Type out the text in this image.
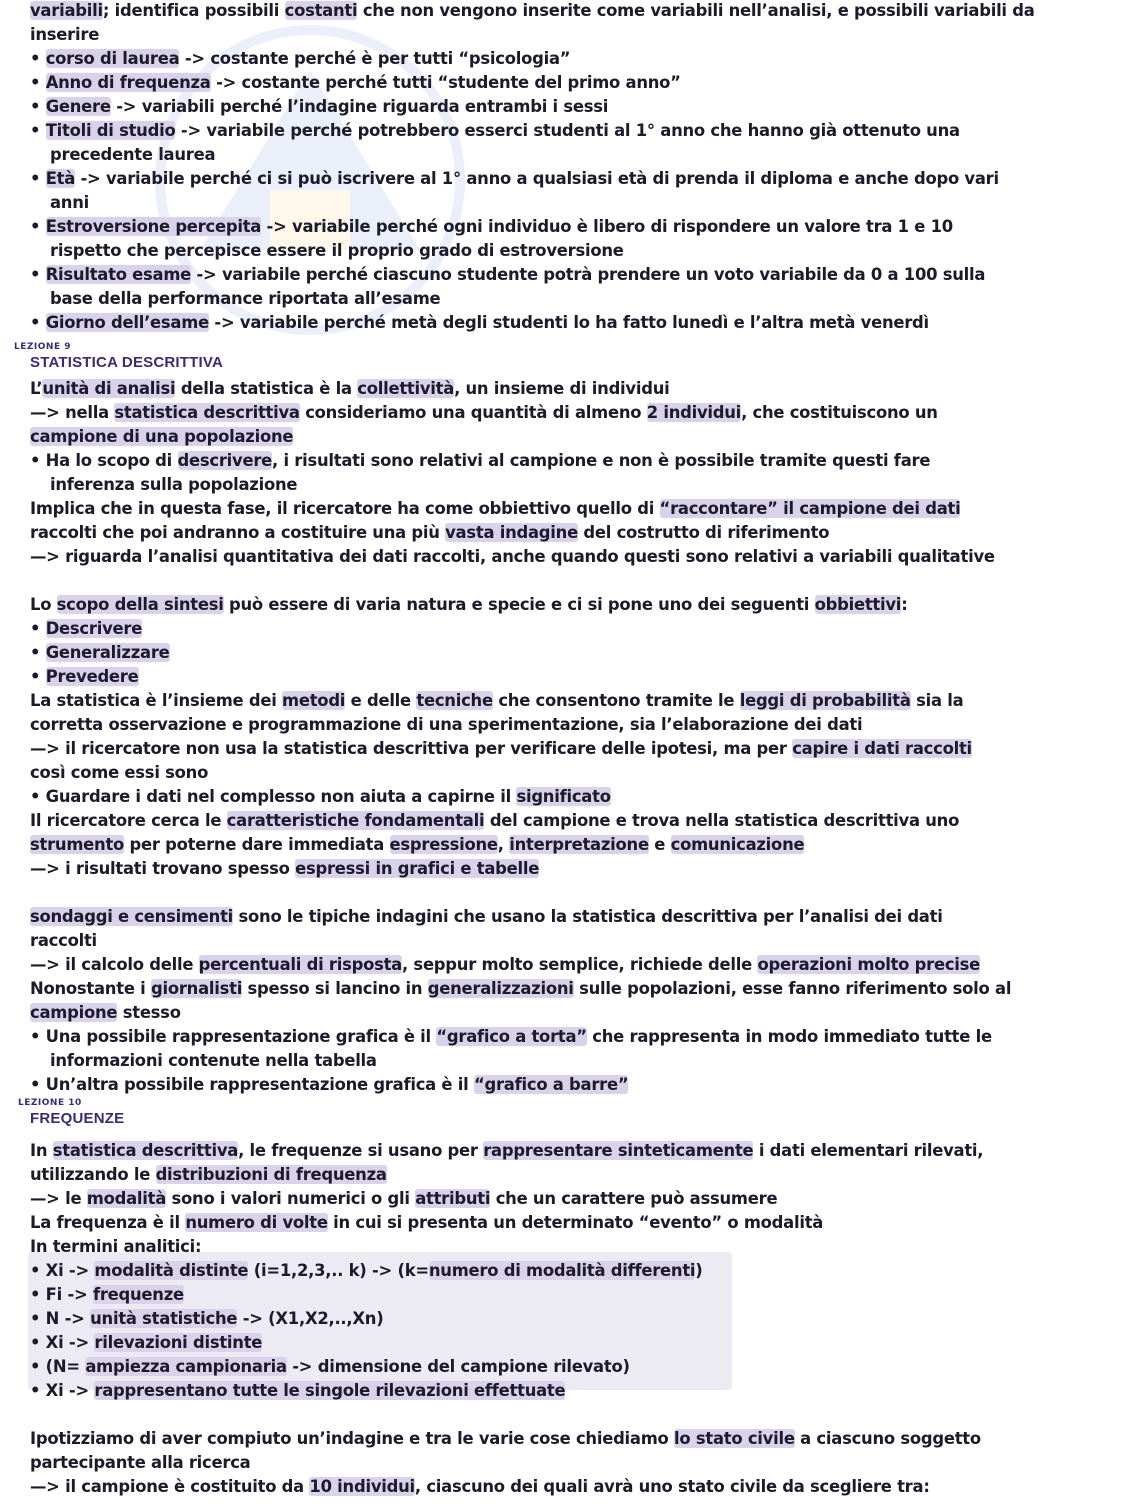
LEZIONE 9
STATISTICA DESCRITTIVA
LEZIONE 10
FREQUENZE
variabili; identifica possibili costanti che non vengono inserite come variabili nell’analisi, e possibili variabili da
inserire
• corso di laurea -> costante perché è per tutti “psicologia”
• Anno di frequenza -> costante perché tutti “studente del primo anno”
• Genere -> variabili perché l’indagine riguarda entrambi i sessi
• Titoli di studio -> variabile perché potrebbero esserci studenti al 1° anno che hanno già ottenuto una
precedente laurea
• Età -> variabile perché ci si può iscrivere al 1° anno a qualsiasi età di prenda il diploma e anche dopo vari
anni
• Estroversione percepita -> variabile perché ogni individuo è libero di rispondere un valore tra 1 e 10
rispetto che percepisce essere il proprio grado di estroversione
• Risultato esame -> variabile perché ciascuno studente potrà prendere un voto variabile da 0 a 100 sulla
base della performance riportata all’esame
• Giorno dell’esame -> variabile perché metà degli studenti lo ha fatto lunedì e l’altra metà venerdì
L’unità di analisi della statistica è la collettività, un insieme di individui
—> nella statistica descrittiva consideriamo una quantità di almeno 2 individui, che costituiscono un
campione di una popolazione
• Ha lo scopo di descrivere, i risultati sono relativi al campione e non è possibile tramite questi fare
inferenza sulla popolazione
Implica che in questa fase, il ricercatore ha come obbiettivo quello di “raccontare” il campione dei dati
raccolti che poi andranno a costituire una più vasta indagine del costrutto di riferimento
—> riguarda l’analisi quantitativa dei dati raccolti, anche quando questi sono relativi a variabili qualitative
Lo scopo della sintesi può essere di varia natura e specie e ci si pone uno dei seguenti obbiettivi:
• Descrivere
• Generalizzare
• Prevedere
La statistica è l’insieme dei metodi e delle tecniche che consentono tramite le leggi di probabilità sia la
corretta osservazione e programmazione di una sperimentazione, sia l’elaborazione dei dati
—> il ricercatore non usa la statistica descrittiva per verificare delle ipotesi, ma per capire i dati raccolti
così come essi sono
• Guardare i dati nel complesso non aiuta a capirne il significato
Il ricercatore cerca le caratteristiche fondamentali del campione e trova nella statistica descrittiva uno
strumento per poterne dare immediata espressione, interpretazione e comunicazione
—> i risultati trovano spesso espressi in grafici e tabelle
sondaggi e censimenti sono le tipiche indagini che usano la statistica descrittiva per l’analisi dei dati
raccolti
—> il calcolo delle percentuali di risposta, seppur molto semplice, richiede delle operazioni molto precise
Nonostante i giornalisti spesso si lancino in generalizzazioni sulle popolazioni, esse fanno riferimento solo al
campione stesso
• Una possibile rappresentazione grafica è il “grafico a torta” che rappresenta in modo immediato tutte le
informazioni contenute nella tabella
• Un’altra possibile rappresentazione grafica è il “grafico a barre”
In statistica descrittiva, le frequenze si usano per rappresentare sinteticamente i dati elementari rilevati,
utilizzando le distribuzioni di frequenza
—> le modalità sono i valori numerici o gli attributi che un carattere può assumere
La frequenza è il numero di volte in cui si presenta un determinato “evento” o modalità
In termini analitici:
• Xi -> modalità distinte (i=1,2,3,.. k) -> (k=numero di modalità differenti)
• Fi -> frequenze
• N -> unità statistiche -> (X1,X2,..,Xn)
• Xi -> rilevazioni distinte
• (N= ampiezza campionaria -> dimensione del campione rilevato)
• Xi -> rappresentano tutte le singole rilevazioni effettuate
Ipotizziamo di aver compiuto un’indagine e tra le varie cose chiediamo lo stato civile a ciascuno soggetto
partecipante alla ricerca
—> il campione è costituito da 10 individui, ciascuno dei quali avrà uno stato civile da scegliere tra:
